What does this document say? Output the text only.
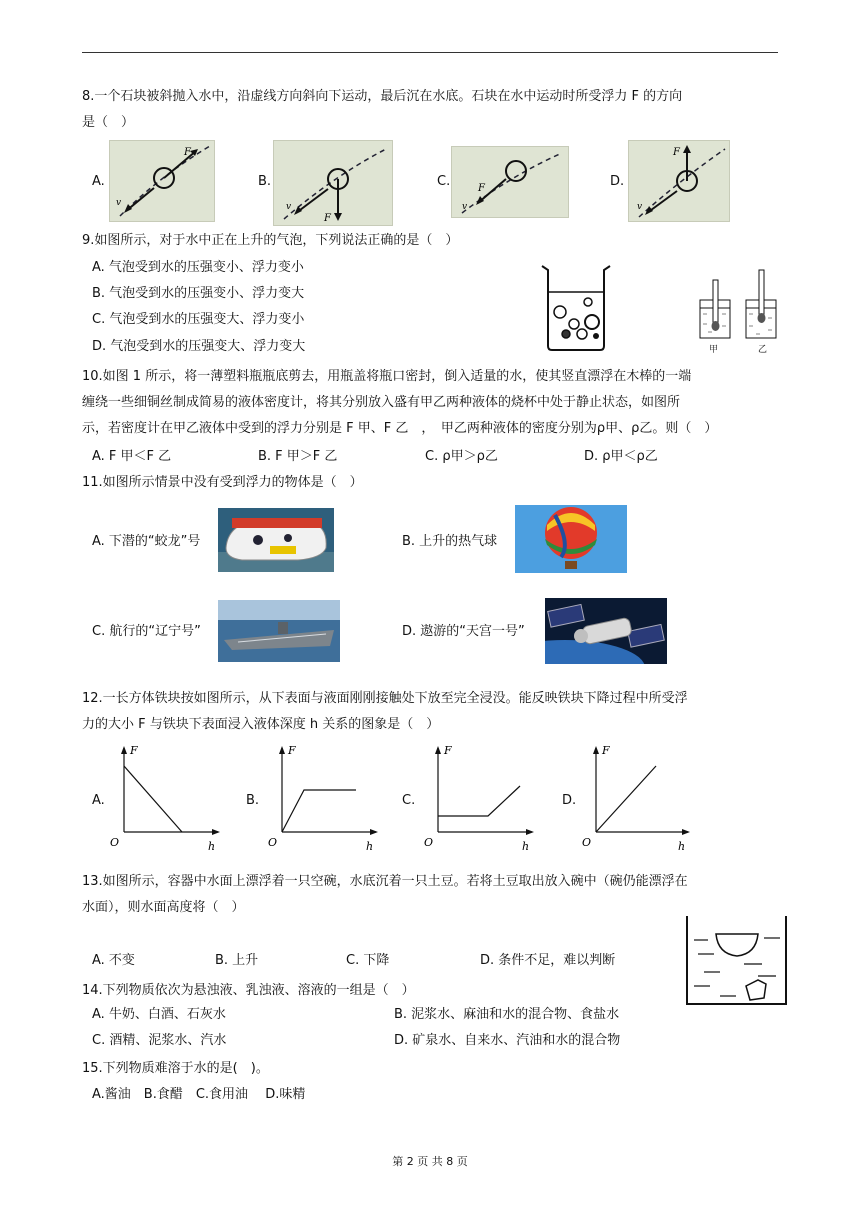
8.一个石块被斜抛入水中，沿虚线方向斜向下运动，最后沉在水底。石块在水中运动时所受浮力 F 的方向
是（　）
A.	B.	C.	D.
F
v
F
v
F
v
F
v
9.如图所示，对于水中正在上升的气泡，下列说法正确的是（　）
A. 气泡受到水的压强变小、浮力变小
B. 气泡受到水的压强变小、浮力变大
C. 气泡受到水的压强变大、浮力变小
D. 气泡受到水的压强变大、浮力变大	甲	乙
10.如图 1 所示，将一薄塑料瓶瓶底剪去，用瓶盖将瓶口密封，倒入适量的水，使其竖直漂浮在木棒的一端
缠绕一些细铜丝制成简易的液体密度计，将其分别放入盛有甲乙两种液体的烧杯中处于静止状态，如图所
示，若密度计在甲乙液体中受到的浮力分别是 F 甲、F 乙　，　甲乙两种液体的密度分别为ρ甲、ρ乙。则（　）
A. F 甲＜F 乙	B. F 甲＞F 乙	C. ρ甲＞ρ乙	D. ρ甲＜ρ乙
11.如图所示情景中没有受到浮力的物体是（　）
A. 下潜的“蛟龙”号	B. 上升的热气球
C. 航行的“辽宁号”	D. 遨游的“天宫一号”
12.一长方体铁块按如图所示，从下表面与液面刚刚接触处下放至完全浸没。能反映铁块下降过程中所受浮
力的大小 F 与铁块下表面浸入液体深度 h 关系的图象是（　）
A.	B.	C.	D.
F
h
O
F
h
O
F
h
O
F
h
O
13.如图所示，容器中水面上漂浮着一只空碗，水底沉着一只土豆。若将土豆取出放入碗中（碗仍能漂浮在
水面），则水面高度将（　）
A. 不变	B. 上升	C. 下降	D. 条件不足，难以判断
14.下列物质依次为悬浊液、乳浊液、溶液的一组是（　）
A. 牛奶、白酒、石灰水	B. 泥浆水、麻油和水的混合物、食盐水
C. 酒精、泥浆水、汽水	D. 矿泉水、自来水、汽油和水的混合物
15.下列物质难溶于水的是(　)。
A.酱油　B.食醋　C.食用油　 D.味精
第 2 页 共 8 页
